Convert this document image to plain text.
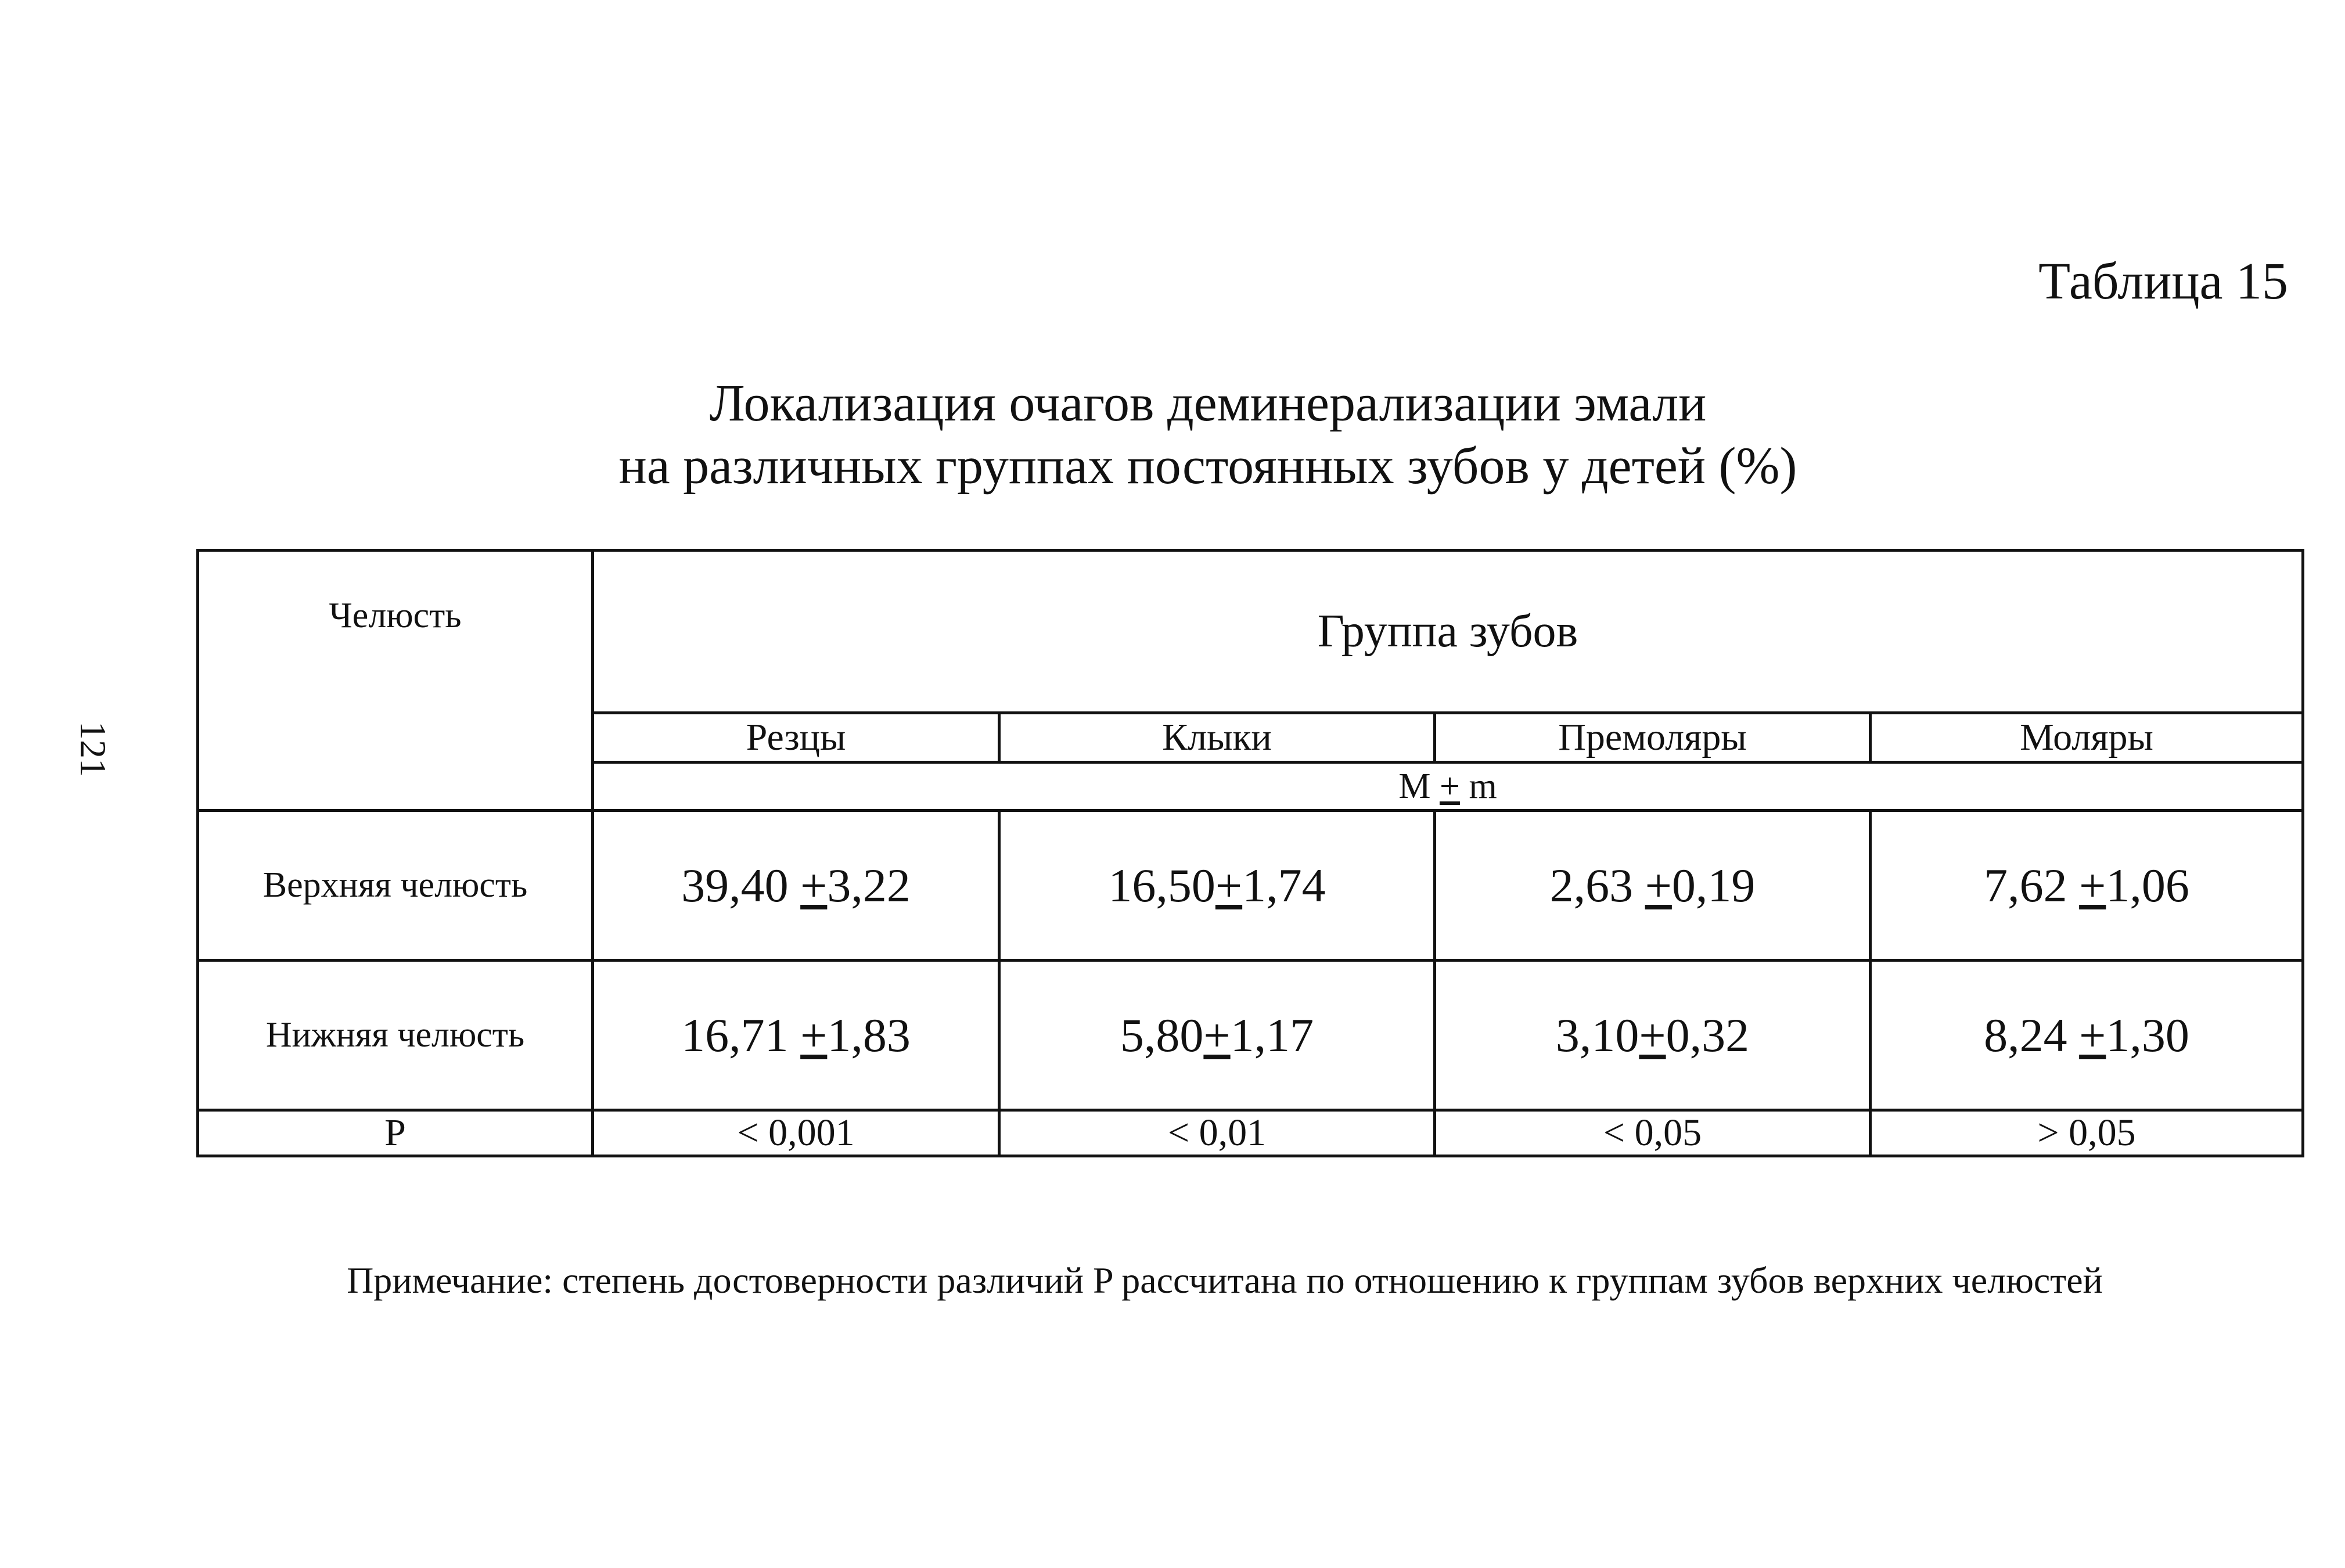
121
Таблица 15
Локализация очагов деминерализации эмали
на различных группах постоянных зубов у детей (%)
Челюсть	Группа зубов			
	Резцы	Клыки	Премоляры	Моляры
	M + m			
Верхняя челюсть	39,40 +3,22	16,50+1,74	2,63 +0,19	7,62 +1,06
Нижняя челюсть	16,71 +1,83	5,80+1,17	3,10+0,32	8,24 +1,30
P	< 0,001	< 0,01	< 0,05	> 0,05
Примечание: степень достоверности различий P рассчитана по отношению к группам зубов верхних челюстей
